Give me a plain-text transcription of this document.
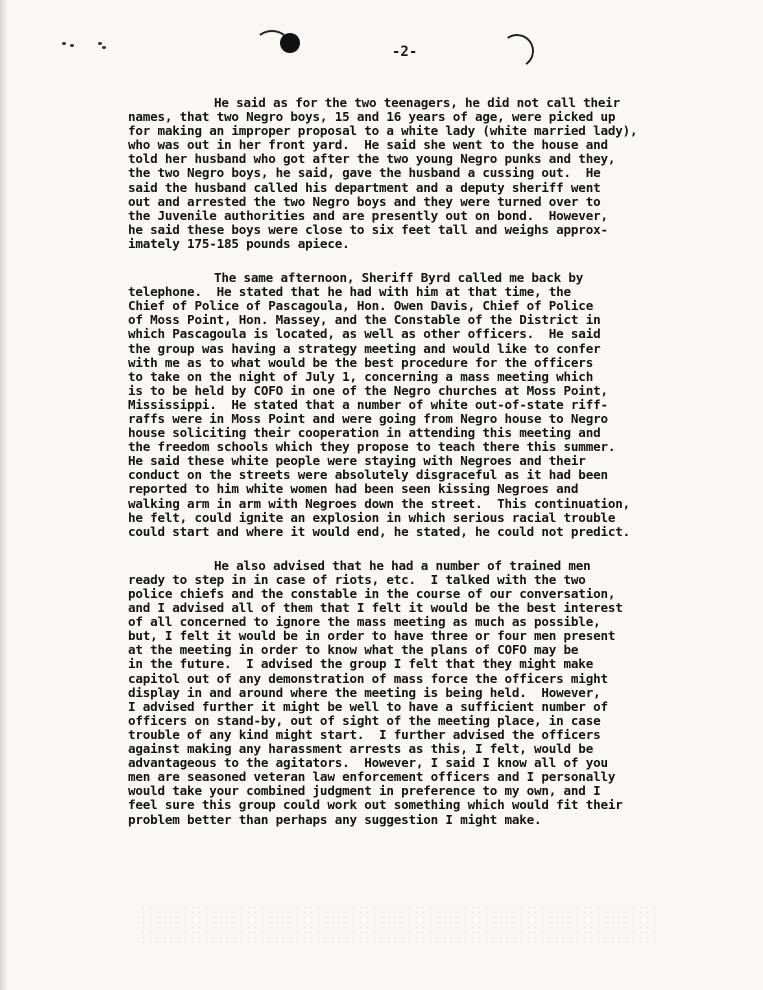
-2-
He said as for the two teenagers, he did not call their
names, that two Negro boys, 15 and 16 years of age, were picked up
for making an improper proposal to a white lady (white married lady),
who was out in her front yard.  He said she went to the house and
told her husband who got after the two young Negro punks and they,
the two Negro boys, he said, gave the husband a cussing out.  He
said the husband called his department and a deputy sheriff went
out and arrested the two Negro boys and they were turned over to
the Juvenile authorities and are presently out on bond.  However,
he said these boys were close to six feet tall and weighs approx-
imately 175-185 pounds apiece.
The same afternoon, Sheriff Byrd called me back by
telephone.  He stated that he had with him at that time, the
Chief of Police of Pascagoula, Hon. Owen Davis, Chief of Police
of Moss Point, Hon. Massey, and the Constable of the District in
which Pascagoula is located, as well as other officers.  He said
the group was having a strategy meeting and would like to confer
with me as to what would be the best procedure for the officers
to take on the night of July 1, concerning a mass meeting which
is to be held by COFO in one of the Negro churches at Moss Point,
Mississippi.  He stated that a number of white out-of-state riff-
raffs were in Moss Point and were going from Negro house to Negro
house soliciting their cooperation in attending this meeting and
the freedom schools which they propose to teach there this summer.
He said these white people were staying with Negroes and their
conduct on the streets were absolutely disgraceful as it had been
reported to him white women had been seen kissing Negroes and
walking arm in arm with Negroes down the street.  This continuation,
he felt, could ignite an explosion in which serious racial trouble
could start and where it would end, he stated, he could not predict.
He also advised that he had a number of trained men
ready to step in in case of riots, etc.  I talked with the two
police chiefs and the constable in the course of our conversation,
and I advised all of them that I felt it would be the best interest
of all concerned to ignore the mass meeting as much as possible,
but, I felt it would be in order to have three or four men present
at the meeting in order to know what the plans of COFO may be
in the future.  I advised the group I felt that they might make
capitol out of any demonstration of mass force the officers might
display in and around where the meeting is being held.  However,
I advised further it might be well to have a sufficient number of
officers on stand-by, out of sight of the meeting place, in case
trouble of any kind might start.  I further advised the officers
against making any harassment arrests as this, I felt, would be
advantageous to the agitators.  However, I said I know all of you
men are seasoned veteran law enforcement officers and I personally
would take your combined judgment in preference to my own, and I
feel sure this group could work out something which would fit their
problem better than perhaps any suggestion I might make.
